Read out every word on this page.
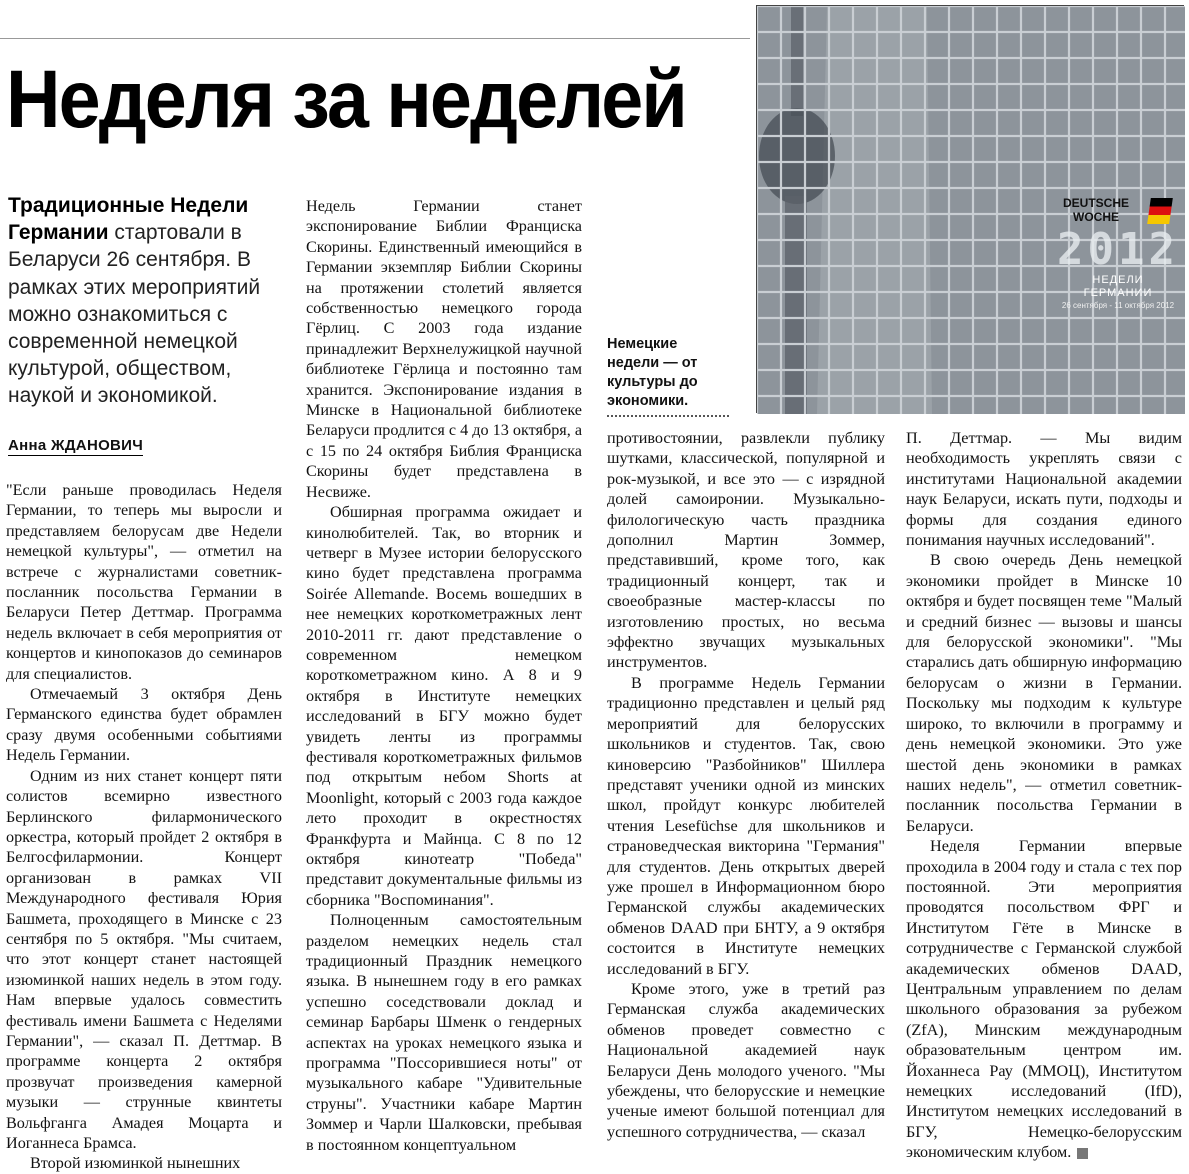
Неделя за неделей
Традиционные Недели Германии стартовали в Беларуси 26 сентября. В рамках этих мероприятий можно ознакомиться с современной немецкой культурой, обществом, наукой и экономикой.
Анна ЖДАНОВИЧ

"Если раньше проводилась Неделя Германии, то теперь мы выросли и представляем белорусам две Недели немецкой культуры", — отметил на встрече с журналистами советник-посланник посольства Германии в Беларуси Петер Деттмар. Программа недель включает в себя мероприятия от концертов и кинопоказов до семинаров для специалистов.

Отмечаемый 3 октября День Германского единства будет обрамлен сразу двумя особенными событиями Недель Германии.

Одним из них станет концерт пяти солистов всемирно известного Берлинского филармонического оркестра, который пройдет 2 октября в Белгосфилармонии. Концерт организован в рамках VII Международного фестиваля Юрия Башмета, проходящего в Минске с 23 сентября по 5 октября. "Мы считаем, что этот концерт станет настоящей изюминкой наших недель в этом году. Нам впервые удалось совместить фестиваль имени Башмета с Неделями Германии", — сказал П. Деттмар. В программе концерта 2 октября прозвучат произведения камерной музыки — струнные квинтеты Вольфганга Амадея Моцарта и Иоганнеса Брамса.

Второй изюминкой нынешних

Недель Германии станет экспонирование Библии Франциска Скорины. Единственный имеющийся в Германии экземпляр Библии Скорины на протяжении столетий является собственностью немецкого города Гёрлиц. С 2003 года издание принадлежит Верхнелужицкой научной библиотеке Гёрлица и постоянно там хранится. Экспонирование издания в Минске в Национальной библиотеке Беларуси продлится с 4 до 13 октября, а с 15 по 24 октября Библия Франциска Скорины будет представлена в Несвиже.

Обширная программа ожидает и кинолюбителей. Так, во вторник и четверг в Музее истории белорусского кино будет представлена программа Soirée Allemande. Восемь вошедших в нее немецких короткометражных лент 2010-2011 гг. дают представление о современном немецком короткометражном кино. А 8 и 9 октября в Институте немецких исследований в БГУ можно будет увидеть ленты из программы фестиваля короткометражных фильмов под открытым небом Shorts at Moonlight, который с 2003 года каждое лето проходит в окрестностях Франкфурта и Майнца. С 8 по 12 октября кинотеатр "Победа" представит документальные фильмы из сборника "Воспоминания".

Полноценным самостоятельным разделом немецких недель стал традиционный Праздник немецкого языка. В нынешнем году в его рамках успешно соседствовали доклад и семинар Барбары Шменк о гендерных аспектах на уроках немецкого языка и программа "Поссорившиеся ноты" от музыкального кабаре "Удивительные струны". Участники кабаре Мартин Зоммер и Чарли Шалковски, пребывая в постоянном концептуальном

Немецкие недели — от культуры до экономики.

противостоянии, развлекли публику шутками, классической, популярной и рок-музыкой, и все это — с изрядной долей самоиронии. Музыкально-филологическую часть праздника дополнил Мартин Зоммер, представивший, кроме того, как традиционный концерт, так и своеобразные мастер-классы по изготовлению простых, но весьма эффектно звучащих музыкальных инструментов.

В программе Недель Германии традиционно представлен и целый ряд мероприятий для белорусских школьников и студентов. Так, свою киноверсию "Разбойников" Шиллера представят ученики одной из минских школ, пройдут конкурс любителей чтения Lesefüchse для школьников и страноведческая викторина "Германия" для студентов. День открытых дверей уже прошел в Информационном бюро Германской службы академических обменов DAAD при БНТУ, а 9 октября состоится в Институте немецких исследований в БГУ.

Кроме этого, уже в третий раз Германская служба академических обменов проведет совместно с Национальной академией наук Беларуси День молодого ученого. "Мы убеждены, что белорусские и немецкие ученые имеют большой потенциал для успешного сотрудничества, — сказал

П. Деттмар. — Мы видим необходимость укреплять связи с институтами Национальной академии наук Беларуси, искать пути, подходы и формы для создания единого понимания научных исследований".

В свою очередь День немецкой экономики пройдет в Минске 10 октября и будет посвящен теме "Малый и средний бизнес — вызовы и шансы для белорусской экономики". "Мы старались дать обширную информацию белорусам о жизни в Германии. Поскольку мы подходим к культуре широко, то включили в программу и день немецкой экономики. Это уже шестой день экономики в рамках наших недель", — отметил советник-посланник посольства Германии в Беларуси.

Неделя Германии впервые проходила в 2004 году и стала с тех пор постоянной. Эти мероприятия проводятся посольством ФРГ и Институтом Гёте в Минске в сотрудничестве с Германской службой академических обменов DAAD, Центральным управлением по делам школьного образования за рубежом (ZfA), Минским международным образовательным центром им. Йоханнеса Рау (ММОЦ), Институтом немецких исследований (IfD), Институтом немецких исследований в БГУ, Немецко-белорусским экономическим клубом.

DEUTSCHE
WOCHE
2012
НЕДЕЛИ ГЕРМАНИИ
26 сентября - 11 октября 2012
